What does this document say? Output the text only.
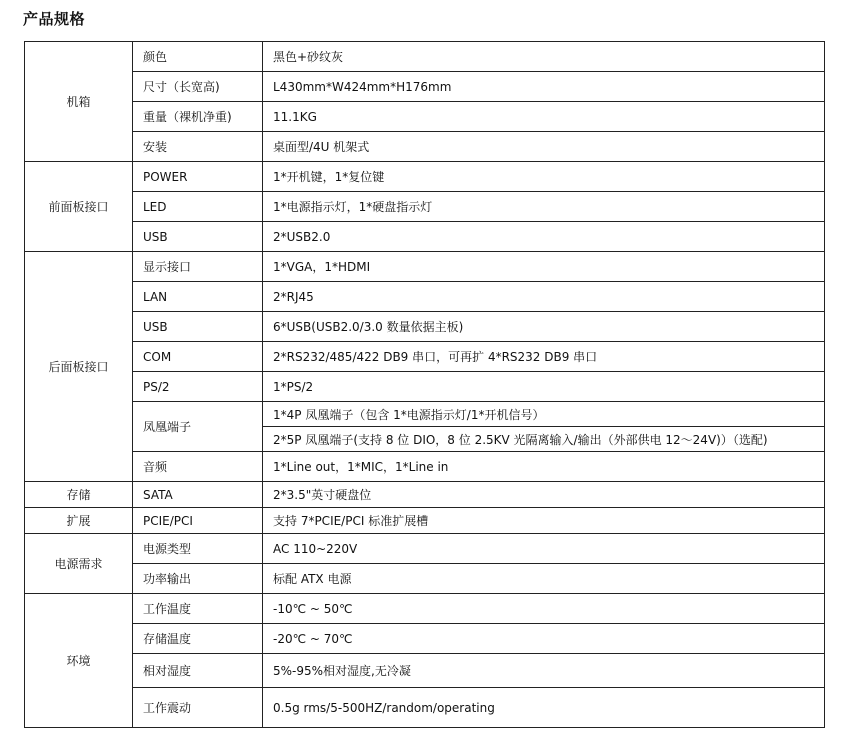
产品规格
机箱	颜色	黑色+砂纹灰
	尺寸（长宽高)	L430mm*W424mm*H176mm
	重量（裸机净重)	11.1KG
	安装	桌面型/4U 机架式
前面板接口	POWER	1*开机键，1*复位键
	LED	1*电源指示灯，1*硬盘指示灯
	USB	2*USB2.0
后面板接口	显示接口	1*VGA，1*HDMI
	LAN	2*RJ45
	USB	6*USB(USB2.0/3.0 数量依据主板)
	COM	2*RS232/485/422 DB9 串口，可再扩 4*RS232 DB9 串口
	PS/2	1*PS/2
	凤凰端子	1*4P 凤凰端子（包含 1*电源指示灯/1*开机信号）
		2*5P 凤凰端子(支持 8 位 DIO，8 位 2.5KV 光隔离输入/输出（外部供电 12～24V)）（选配)
	音频	1*Line out，1*MIC，1*Line in
存储	SATA	2*3.5"英寸硬盘位
扩展	PCIE/PCI	支持 7*PCIE/PCI 标准扩展槽
电源需求	电源类型	AC 110~220V
	功率输出	标配 ATX 电源
环境	工作温度	-10℃ ~ 50℃
	存储温度	-20℃ ~ 70℃
	相对湿度	5%-95%相对湿度,无冷凝
	工作震动	0.5g rms/5-500HZ/random/operating
